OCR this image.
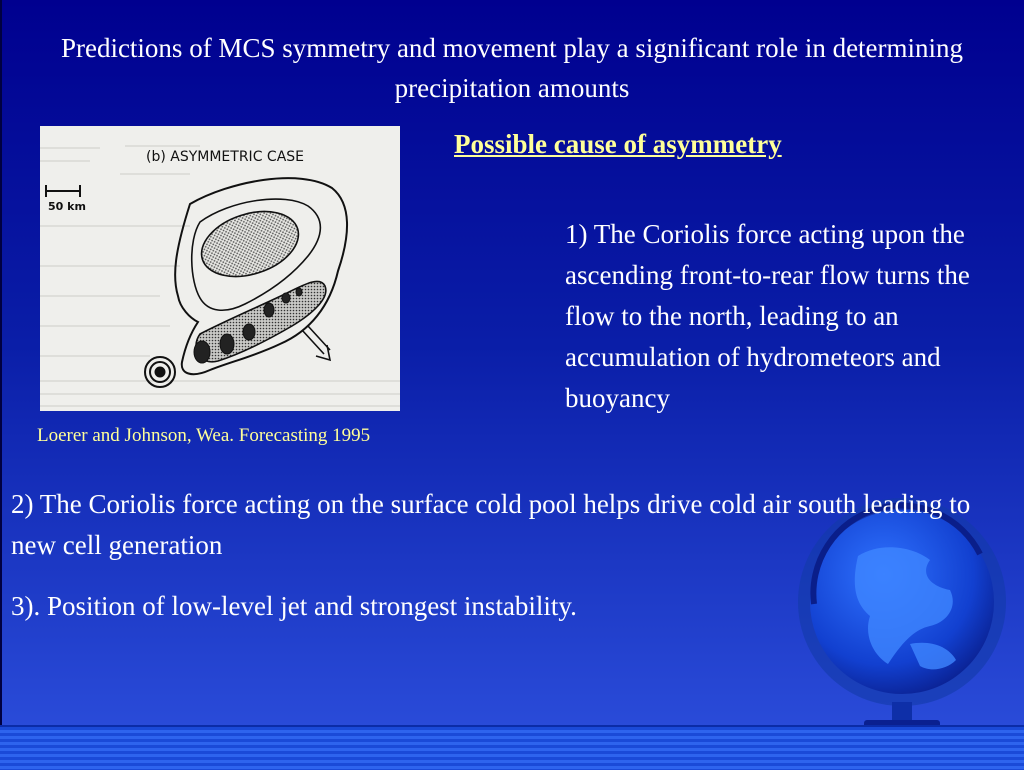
Predictions of MCS symmetry and movement play a significant role in determining precipitation amounts
(b) ASYMMETRIC CASE
50 km
Loerer and Johnson, Wea. Forecasting 1995
Possible cause of asymmetry
1) The Coriolis force acting upon the ascending front-to-rear flow turns the flow to the north, leading to an accumulation of hydrometeors and buoyancy
2) The Coriolis force acting on the surface cold pool helps drive cold air south leading to new cell generation
3). Position of low-level jet and strongest instability.
